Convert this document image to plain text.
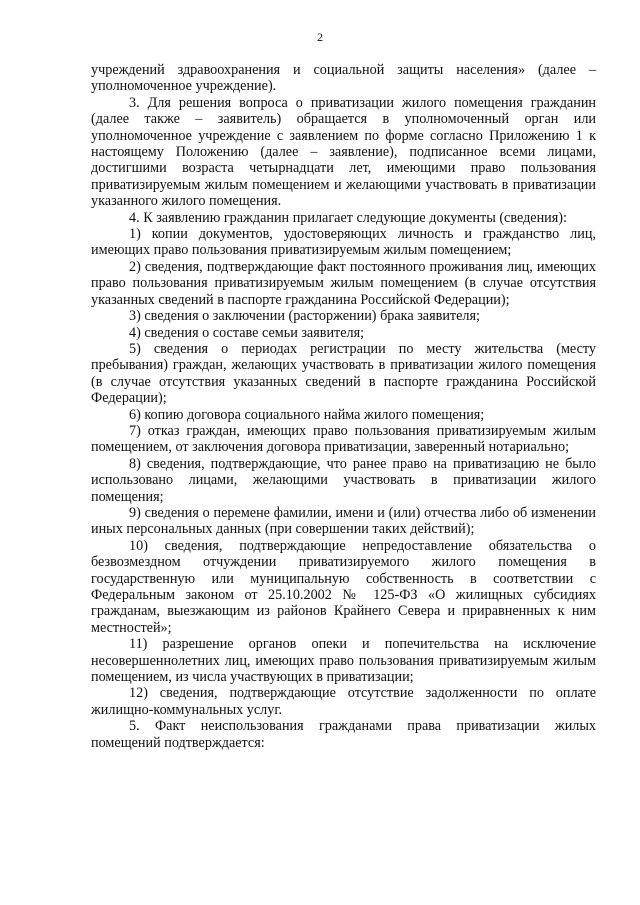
2

учреждений здравоохранения и социальной защиты населения» (далее – уполномоченное учреждение).

3. Для решения вопроса о приватизации жилого помещения гражданин (далее также – заявитель) обращается в уполномоченный орган или уполномоченное учреждение с заявлением по форме согласно Приложению 1 к настоящему Положению (далее – заявление), подписанное всеми лицами, достигшими возраста четырнадцати лет, имеющими право пользования приватизируемым жилым помещением и желающими участвовать в приватизации указанного жилого помещения.

4. К заявлению гражданин прилагает следующие документы (сведения):

1) копии документов, удостоверяющих личность и гражданство лиц, имеющих право пользования приватизируемым жилым помещением;

2) сведения, подтверждающие факт постоянного проживания лиц, имеющих право пользования приватизируемым жилым помещением (в случае отсутствия указанных сведений в паспорте гражданина Российской Федерации);

3) сведения о заключении (расторжении) брака заявителя;

4) сведения о составе семьи заявителя;

5) сведения о периодах регистрации по месту жительства (месту пребывания) граждан, желающих участвовать в приватизации жилого помещения (в случае отсутствия указанных сведений в паспорте гражданина Российской Федерации);

6) копию договора социального найма жилого помещения;

7) отказ граждан, имеющих право пользования приватизируемым жилым помещением, от заключения договора приватизации, заверенный нотариально;

8) сведения, подтверждающие, что ранее право на приватизацию не было использовано лицами, желающими участвовать в приватизации жилого помещения;

9) сведения о перемене фамилии, имени и (или) отчества либо об изменении иных персональных данных (при совершении таких действий);

10) сведения, подтверждающие непредоставление обязательства о безвозмездном отчуждении приватизируемого жилого помещения в государственную или муниципальную собственность в соответствии с Федеральным законом от 25.10.2002 № 125-ФЗ «О жилищных субсидиях гражданам, выезжающим из районов Крайнего Севера и приравненных к ним местностей»;

11) разрешение органов опеки и попечительства на исключение несовершеннолетних лиц, имеющих право пользования приватизируемым жилым помещением, из числа участвующих в приватизации;

12) сведения, подтверждающие отсутствие задолженности по оплате жилищно-коммунальных услуг.

5. Факт неиспользования гражданами права приватизации жилых помещений подтверждается:
